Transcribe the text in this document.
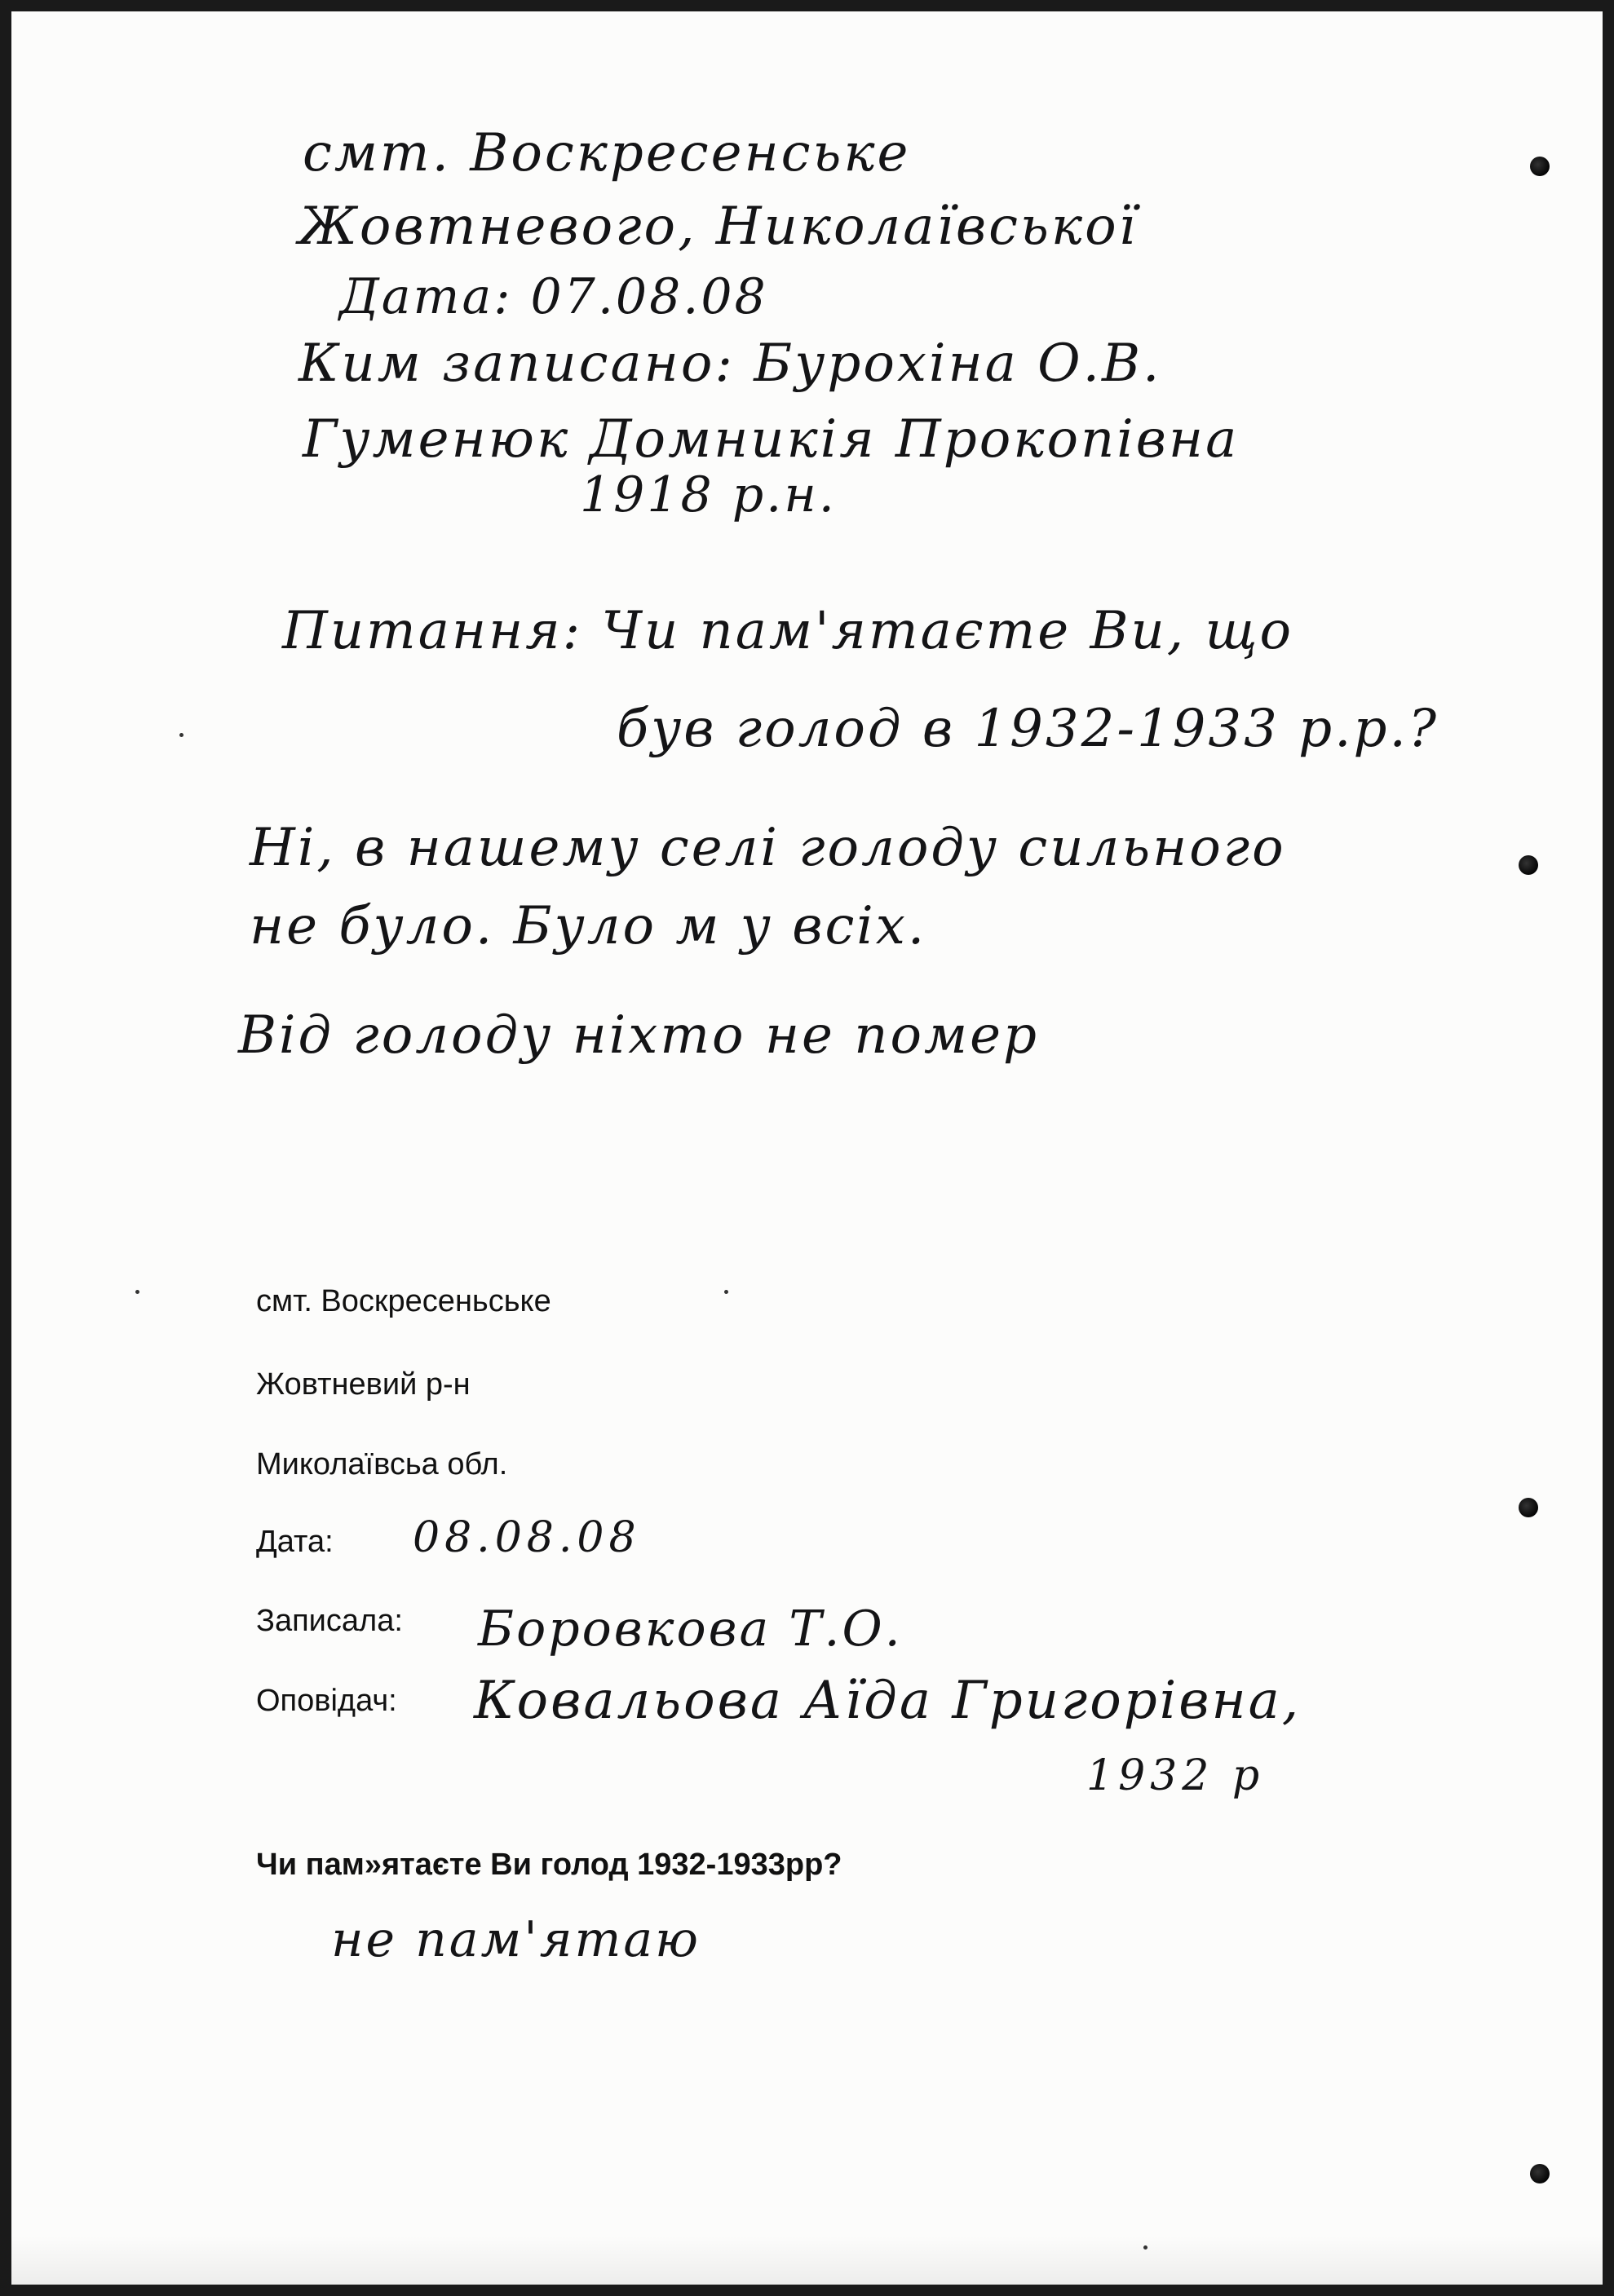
смт. Воскресенське

Жовтневого, Николаївської

Дата: 07.08.08

Ким записано: Бурохіна О.В.

Гуменюк Домникія Прокопівна

1918 р.н.

Питання: Чи пам'ятаєте Ви, що

був голод в 1932-1933 р.р.?

Ні, в нашему селі голоду сильного

не було. Було м у всіх.

Від голоду ніхто не помер

смт. Воскресеньське

Жовтневий р-н

Миколаївсьа обл.

Дата: 08.08.08

Записала: Боровкова Т.О.

Оповідач: Ковальова Аїда Григорівна,

1932 р

Чи пам»ятаєте Ви голод 1932-1933рр?

не пам'ятаю
